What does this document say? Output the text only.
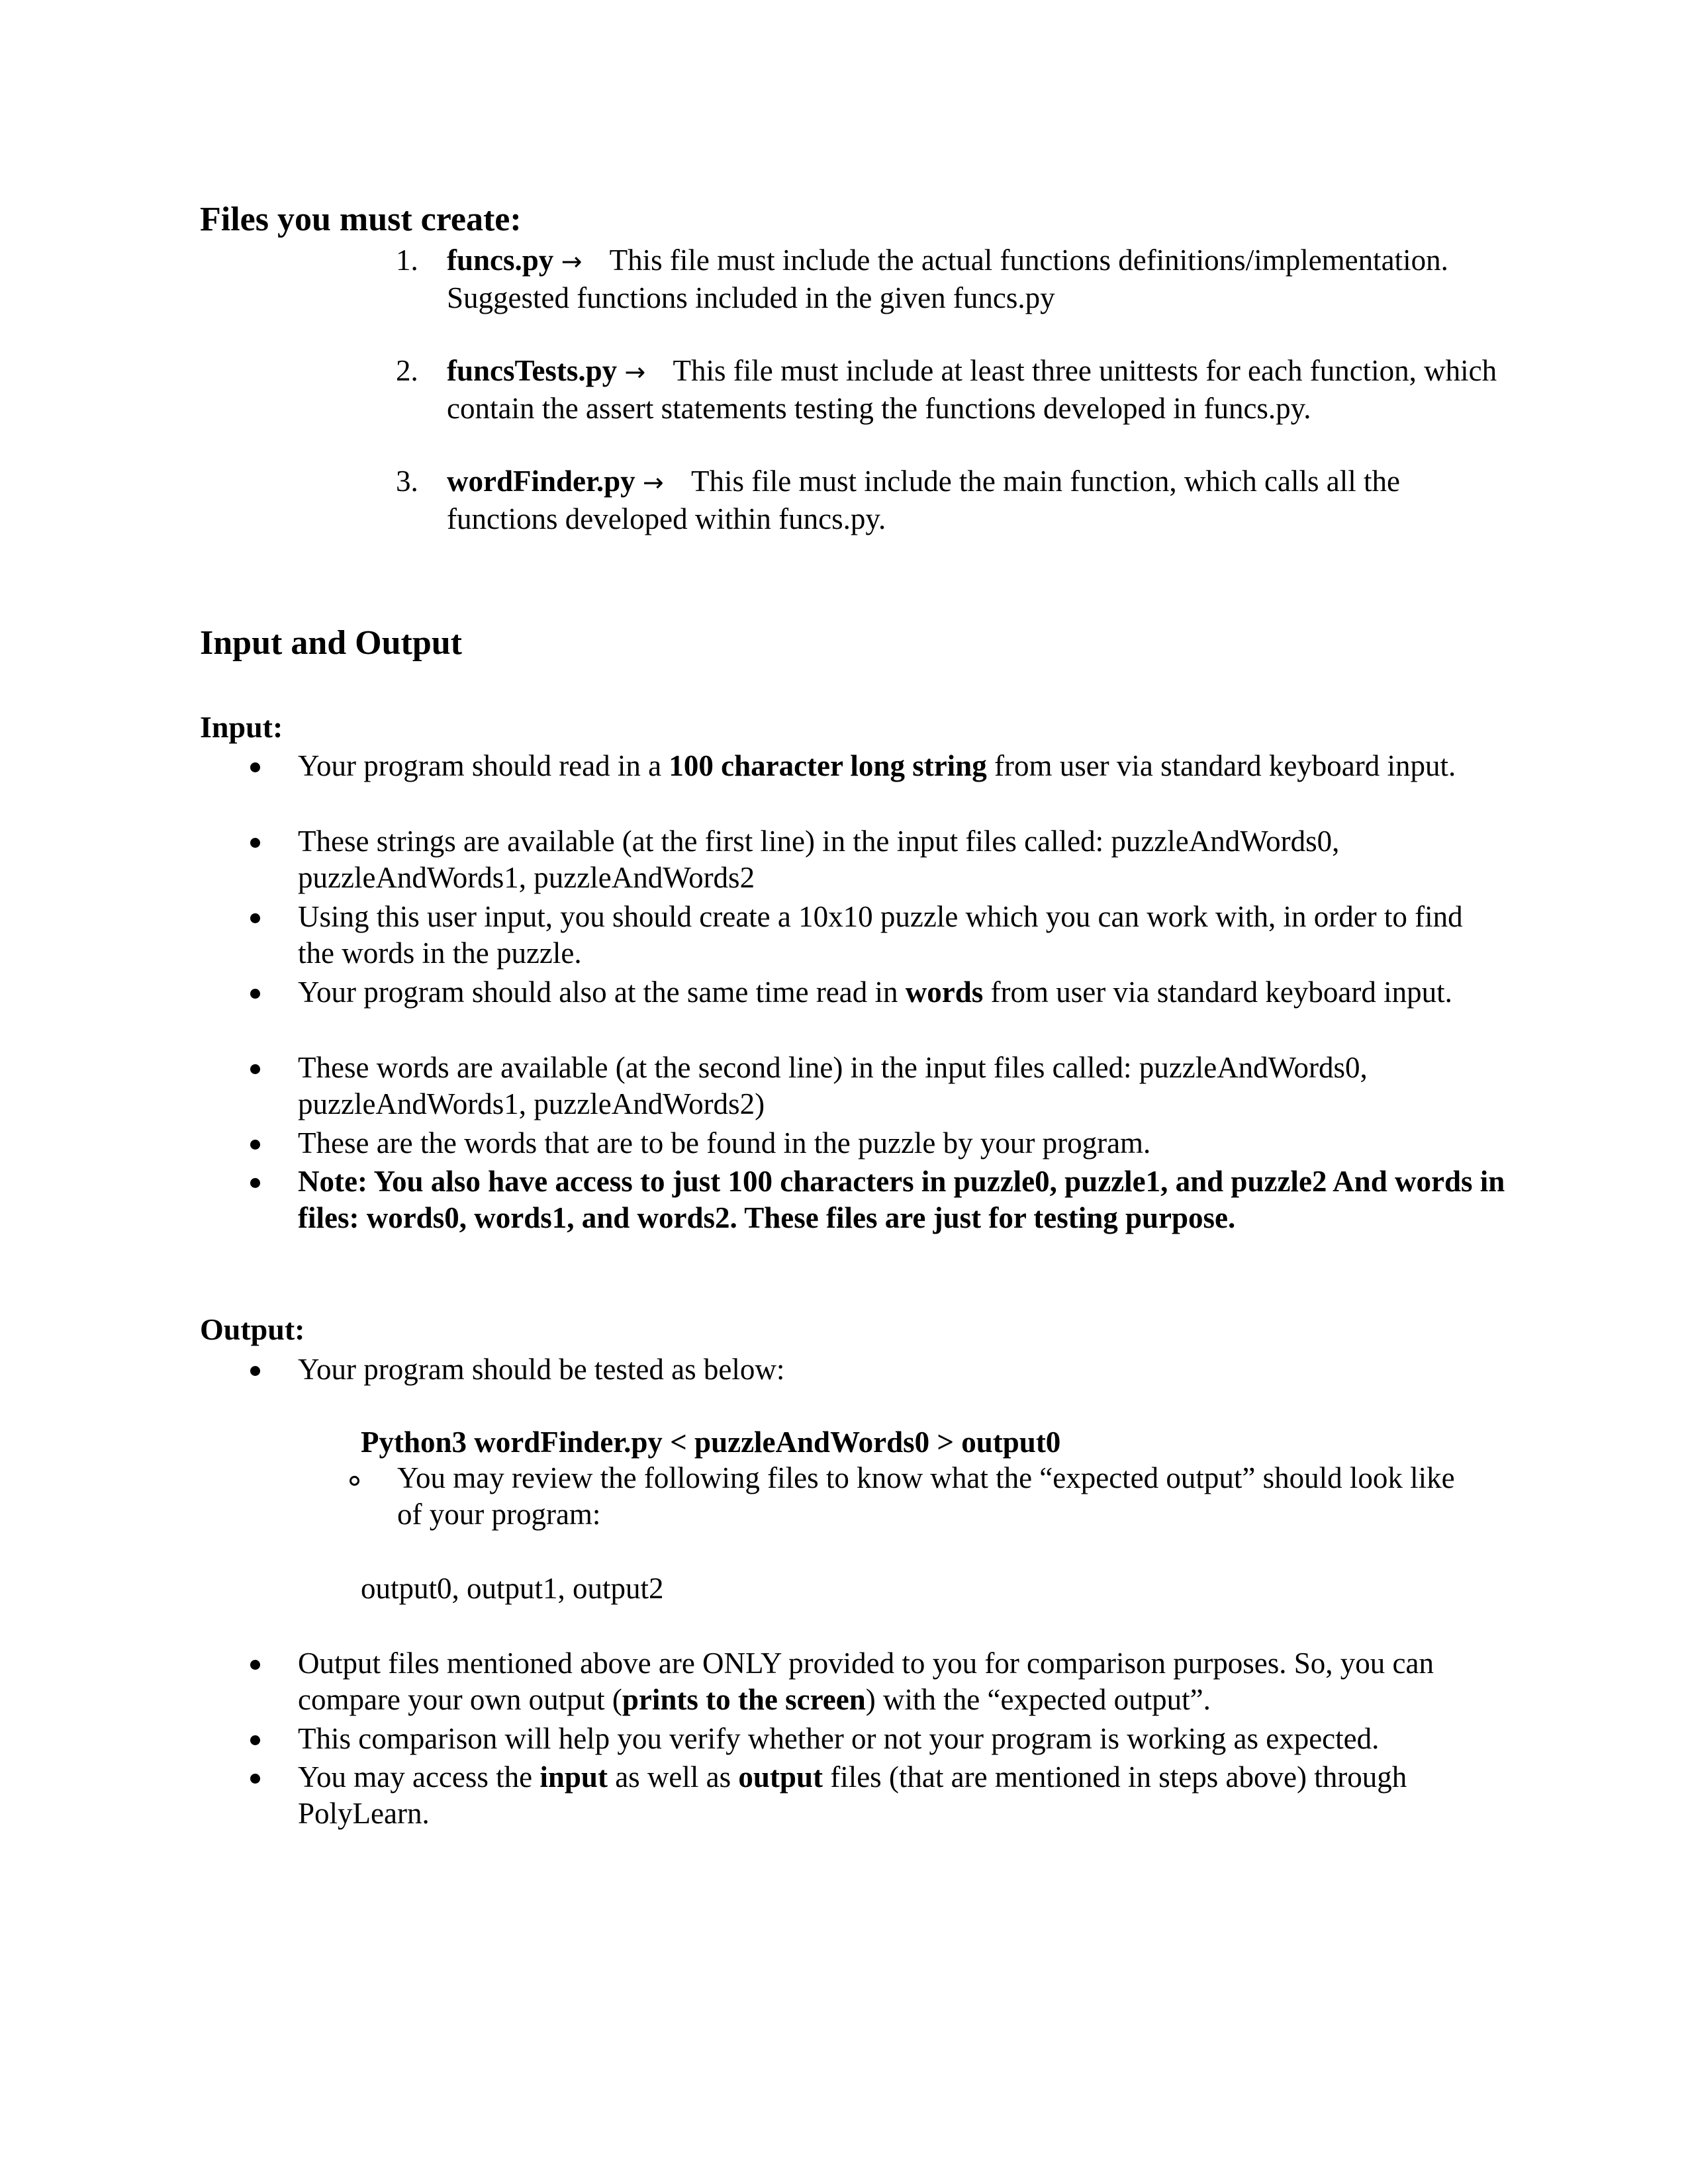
Files you must create:
1. funcs.py → This file must include the actual functions definitions/implementation. Suggested functions included in the given funcs.py
2. funcsTests.py → This file must include at least three unittests for each function, which contain the assert statements testing the functions developed in funcs.py.
3. wordFinder.py → This file must include the main function, which calls all the functions developed within funcs.py.
Input and Output
Input:
Your program should read in a 100 character long string from user via standard keyboard input.
These strings are available (at the first line) in the input files called: puzzleAndWords0, puzzleAndWords1, puzzleAndWords2
Using this user input, you should create a 10x10 puzzle which you can work with, in order to find the words in the puzzle.
Your program should also at the same time read in words from user via standard keyboard input.
These words are available (at the second line) in the input files called: puzzleAndWords0, puzzleAndWords1, puzzleAndWords2)
These are the words that are to be found in the puzzle by your program.
Note: You also have access to just 100 characters in puzzle0, puzzle1, and puzzle2 And words in files: words0, words1, and words2. These files are just for testing purpose.
Output:
Your program should be tested as below:
Python3 wordFinder.py < puzzleAndWords0 > output0
You may review the following files to know what the “expected output” should look like of your program:
output0, output1, output2
Output files mentioned above are ONLY provided to you for comparison purposes. So, you can compare your own output (prints to the screen) with the “expected output”.
This comparison will help you verify whether or not your program is working as expected.
You may access the input as well as output files (that are mentioned in steps above) through PolyLearn.
